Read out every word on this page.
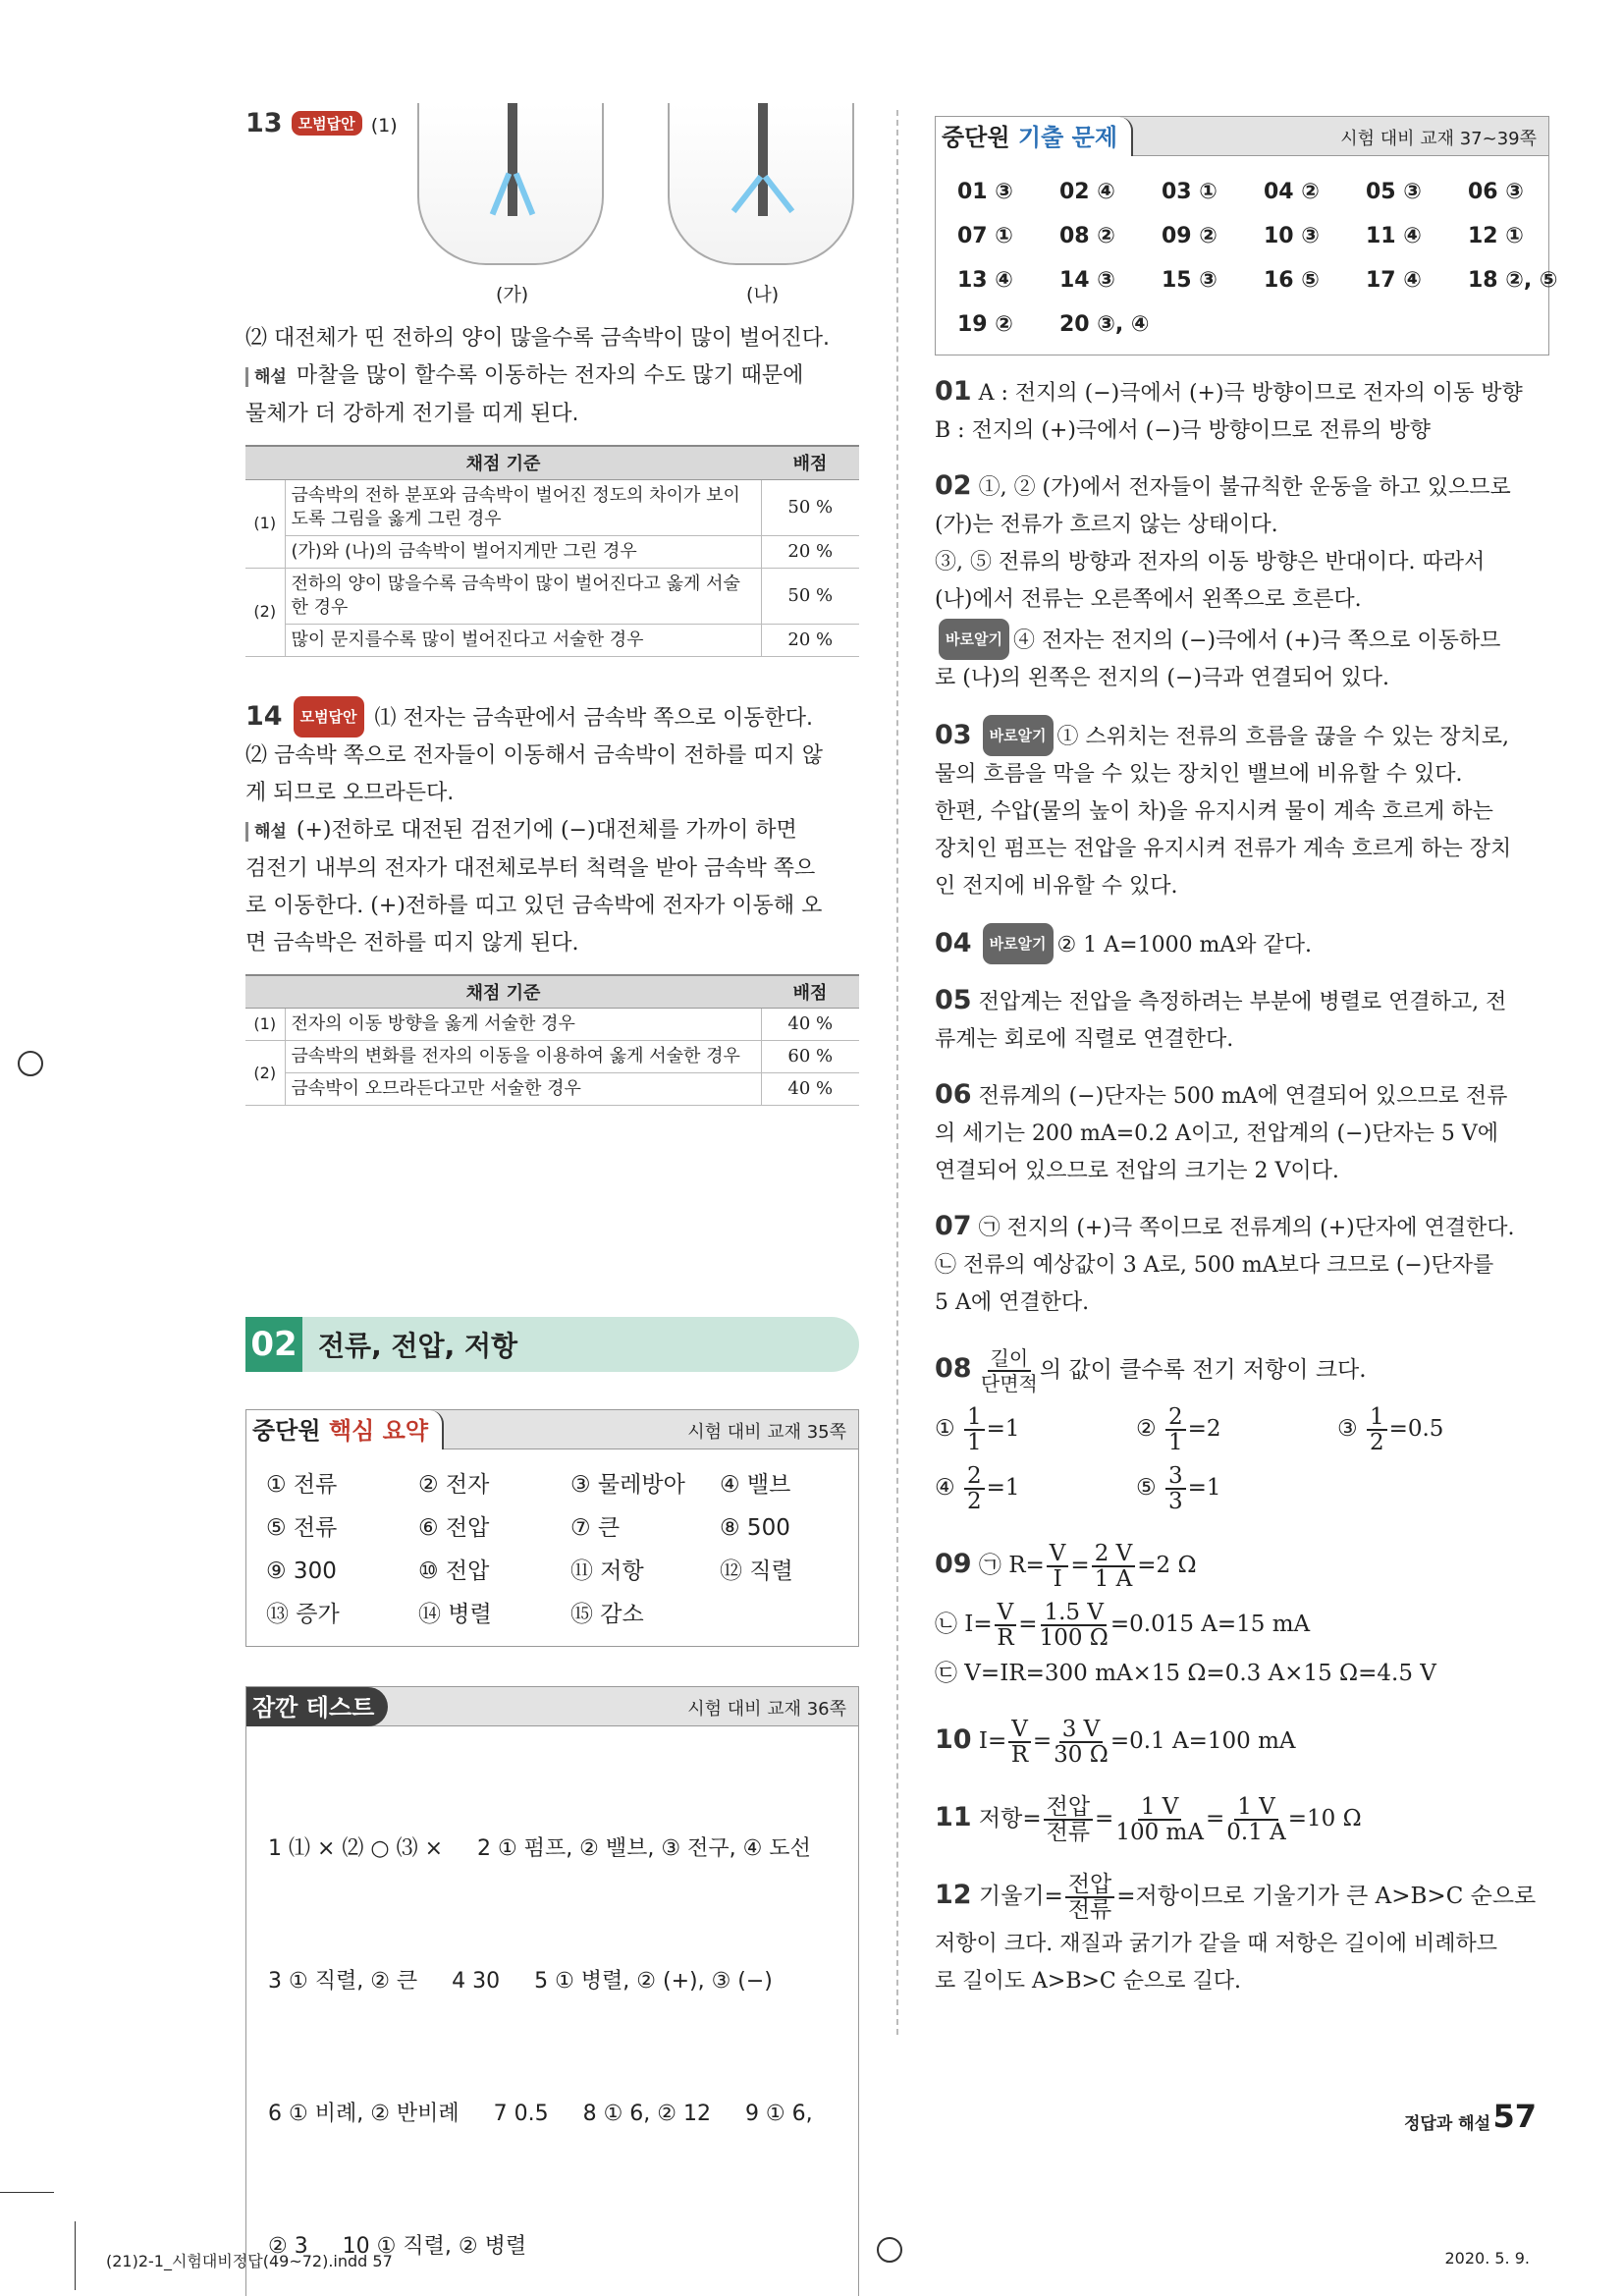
13 모범답안 (1)
(가)	(나)
⑵ 대전체가 띤 전하의 양이 많을수록 금속박이 많이 벌어진다.
해설 마찰을 많이 할수록 이동하는 전자의 수도 많기 때문에
물체가 더 강하게 전기를 띠게 된다.
채점 기준		배점
(1)	금속박의 전하 분포와 금속박이 벌어진 정도의 차이가 보이도록 그림을 옳게 그린 경우	50 %
	(가)와 (나)의 금속박이 벌어지게만 그린 경우	20 %
(2)	전하의 양이 많을수록 금속박이 많이 벌어진다고 옳게 서술한 경우	50 %
	많이 문지를수록 많이 벌어진다고 서술한 경우	20 %
14 모범답안 ⑴ 전자는 금속판에서 금속박 쪽으로 이동한다.
⑵ 금속박 쪽으로 전자들이 이동해서 금속박이 전하를 띠지 않
게 되므로 오므라든다.
해설 (+)전하로 대전된 검전기에 (−)대전체를 가까이 하면
검전기 내부의 전자가 대전체로부터 척력을 받아 금속박 쪽으
로 이동한다. (+)전하를 띠고 있던 금속박에 전자가 이동해 오
면 금속박은 전하를 띠지 않게 된다.
채점 기준		배점
(1)	전자의 이동 방향을 옳게 서술한 경우	40 %
(2)	금속박의 변화를 전자의 이동을 이용하여 옳게 서술한 경우	60 %
	금속박이 오므라든다고만 서술한 경우	40 %
02 전류, 전압, 저항
중단원 핵심 요약	시험 대비 교재 35쪽
① 전류	② 전자	③ 물레방아	④ 밸브
⑤ 전류	⑥ 전압	⑦ 큰	⑧ 500
⑨ 300	⑩ 전압	⑪ 저항	⑫ 직렬
⑬ 증가	⑭ 병렬	⑮ 감소
잠깐 테스트	시험 대비 교재 36쪽

1 ⑴ × ⑵ ○ ⑶ ×     2 ① 펌프, ② 밸브, ③ 전구, ④ 도선

3 ① 직렬, ② 큰     4 30     5 ① 병렬, ② (+), ③ (−)

6 ① 비례, ② 반비례     7 0.5     8 ① 6, ② 12     9 ① 6,

② 3     10 ① 직렬, ② 병렬

중단원 기출 문제	시험 대비 교재 37~39쪽
01 ③	02 ④	03 ①	04 ②	05 ③	06 ③
07 ①	08 ②	09 ②	10 ③	11 ④	12 ①
13 ④	14 ③	15 ③	16 ⑤	17 ④	18 ②, ⑤
19 ②	20 ③, ④
01 A : 전지의 (−)극에서 (+)극 방향이므로 전자의 이동 방향
B : 전지의 (+)극에서 (−)극 방향이므로 전류의 방향
02 ①, ② (가)에서 전자들이 불규칙한 운동을 하고 있으므로
(가)는 전류가 흐르지 않는 상태이다.
③, ⑤ 전류의 방향과 전자의 이동 방향은 반대이다. 따라서
(나)에서 전류는 오른쪽에서 왼쪽으로 흐른다.
바로알기 ④ 전자는 전지의 (−)극에서 (+)극 쪽으로 이동하므
로 (나)의 왼쪽은 전지의 (−)극과 연결되어 있다.
03 바로알기 ① 스위치는 전류의 흐름을 끊을 수 있는 장치로,
물의 흐름을 막을 수 있는 장치인 밸브에 비유할 수 있다.
한편, 수압(물의 높이 차)을 유지시켜 물이 계속 흐르게 하는
장치인 펌프는 전압을 유지시켜 전류가 계속 흐르게 하는 장치
인 전지에 비유할 수 있다.
04 바로알기 ② 1 A=1000 mA와 같다.
05 전압계는 전압을 측정하려는 부분에 병렬로 연결하고, 전
류계는 회로에 직렬로 연결한다.
06 전류계의 (−)단자는 500 mA에 연결되어 있으므로 전류
의 세기는 200 mA=0.2 A이고, 전압계의 (−)단자는 5 V에
연결되어 있으므로 전압의 크기는 2 V이다.
07 ㉠ 전지의 (+)극 쪽이므로 전류계의 (+)단자에 연결한다.
㉡ 전류의 예상값이 3 A로, 500 mA보다 크므로 (−)단자를
5 A에 연결한다.
$08 \frac{\text{길이}}{\text{단면적}}$ 의 값이 클수록 전기 저항이 크다.
① $\frac{1}{1} =1$	② $\frac{2}{1} =2$	③ $\frac{1}{2} =0.5$
④ $\frac{2}{2} =1$	⑤ $\frac{3}{3} =1$
09 ㉠ $R= \frac{V}{I} = \frac{2 V}{1 A} =2$ Ω
㉡ $I= \frac{V}{R} = \frac{1.5 V}{100 \Omega} =0.015$ A=15 mA
㉢ V=IR=300 mA×15 Ω=0.3 A×15 Ω=4.5 V
10 $I= \frac{V}{R} = \frac{3 V}{30 \Omega} =0.1$ A=100 mA
11 저항= $\frac{\text{전압}}{\text{전류}} = \frac{1 V}{100 mA} = \frac{1 V}{0.1 A} =10$ Ω
12 기울기= $\frac{\text{전압}}{\text{전류}}$ =저항이므로 기울기가 큰 A>B>C 순으로
저항이 크다. 재질과 굵기가 같을 때 저항은 길이에 비례하므
로 길이도 A>B>C 순으로 길다.
정답과 해설 57
(21)2-1_시험대비정답(49~72).indd 57	2020. 5. 9.
